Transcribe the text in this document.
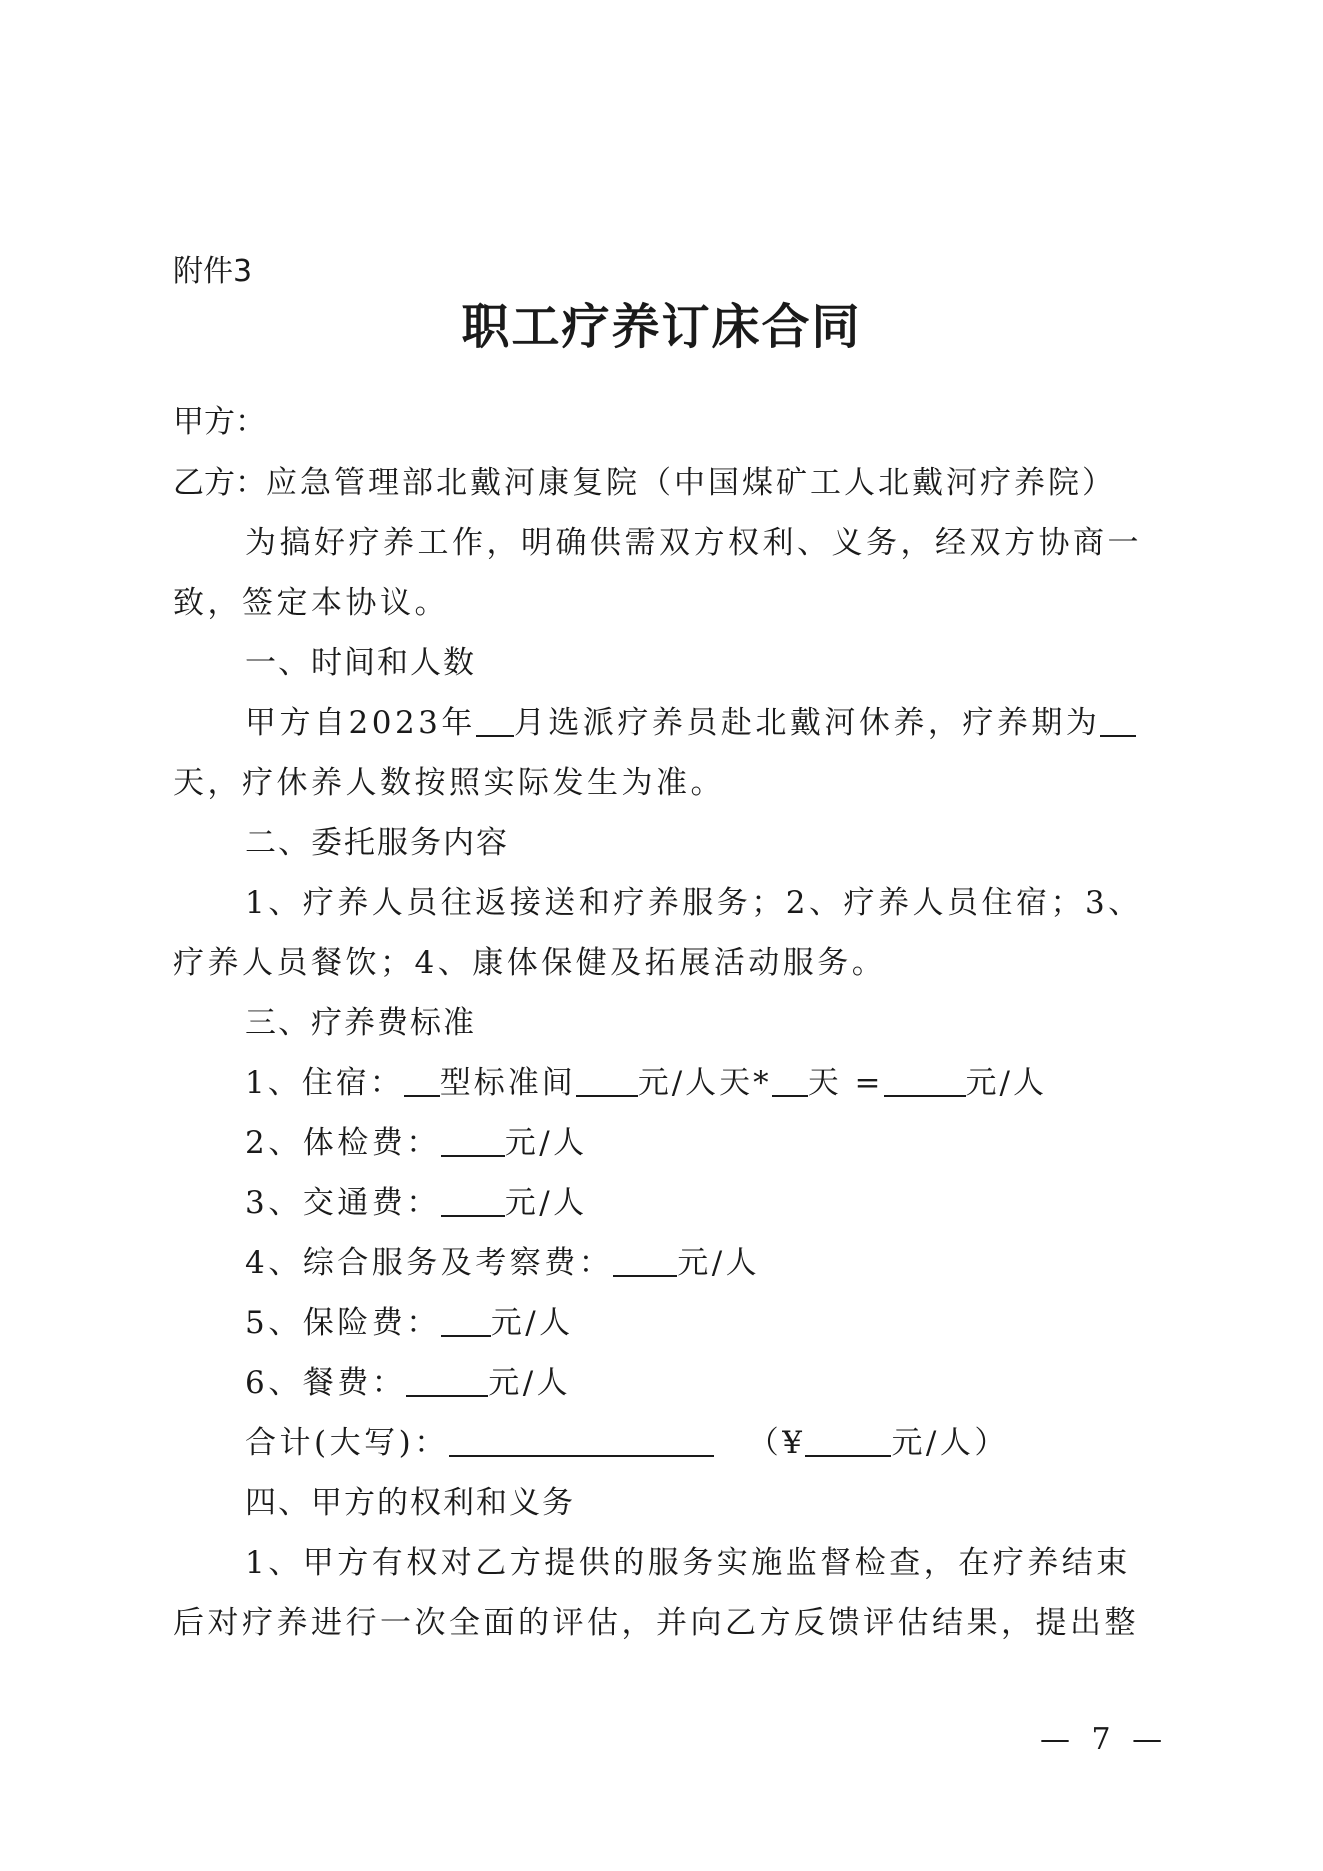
附件3
职工疗养订床合同
甲方：
乙方：应急管理部北戴河康复院（中国煤矿工人北戴河疗养院）
为搞好疗养工作，明确供需双方权利、义务，经双方协商一
致，签定本协议。
一、时间和人数
甲方自2023年 月选派疗养员赴北戴河休养，疗养期为
天，疗休养人数按照实际发生为准。
二、委托服务内容
1、疗养人员往返接送和疗养服务；2、疗养人员住宿；3、
疗养人员餐饮；4、康体保健及拓展活动服务。
三、疗养费标准
1、住宿： 型标准间 元/人天* 天 =	元/人
2、体检费： 元/人
3、交通费： 元/人
4、综合服务及考察费： 元/人
5、保险费： 元/人
6、餐费：	元/人
合计(大写)：	（¥	元/人）
四、甲方的权利和义务
1、甲方有权对乙方提供的服务实施监督检查，在疗养结束
后对疗养进行一次全面的评估，并向乙方反馈评估结果，提出整
— 7 —
